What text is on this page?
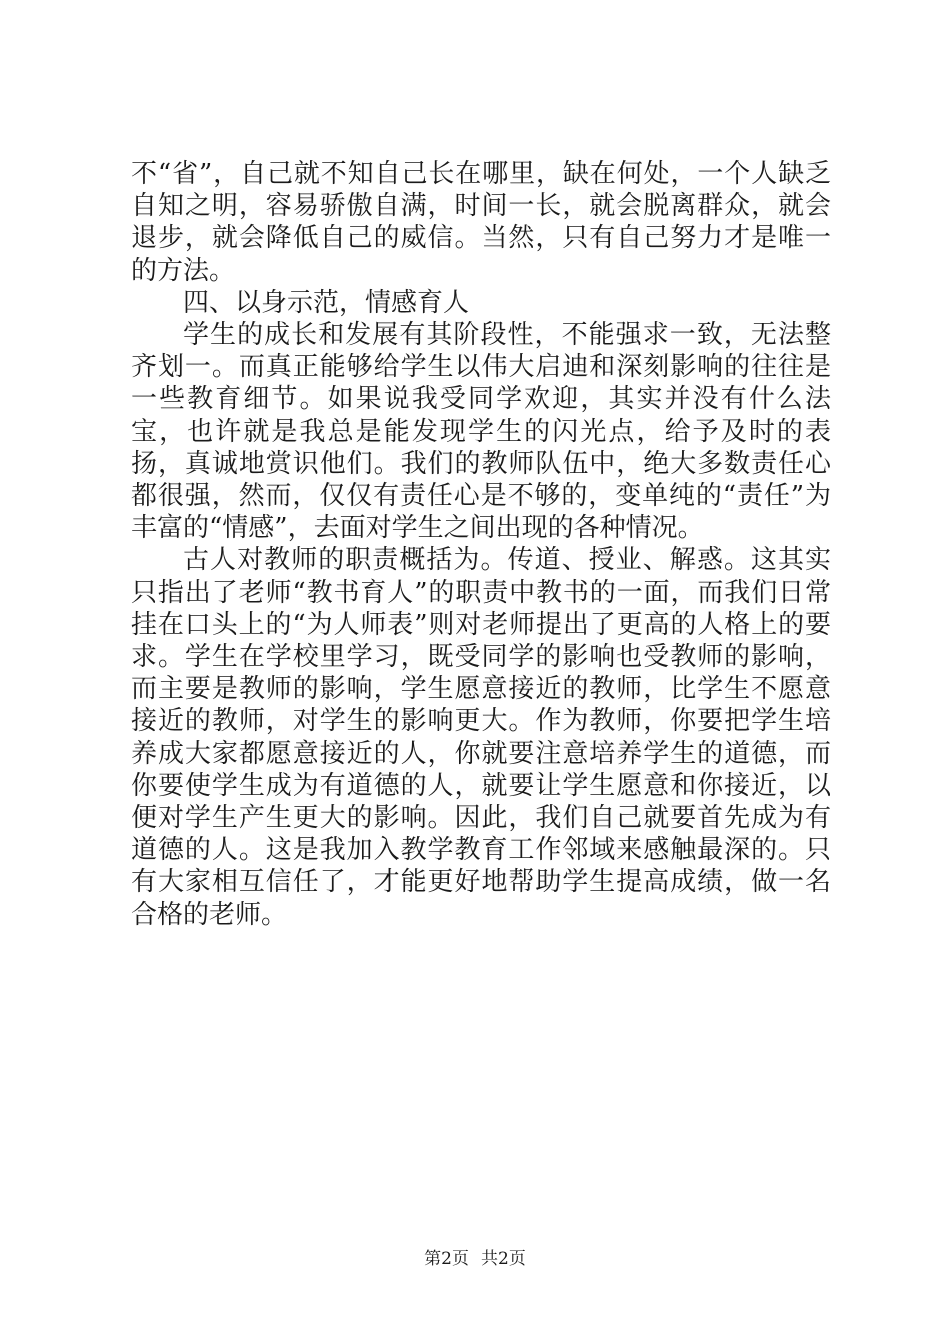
不“省”，自己就不知自己长在哪里，缺在何处，一个人缺乏自知之明，容易骄傲自满，时间一长，就会脱离群众，就会退步，就会降低自己的威信。当然，只有自己努力才是唯一的方法。

四、以身示范，情感育人

学生的成长和发展有其阶段性，不能强求一致，无法整齐划一。而真正能够给学生以伟大启迪和深刻影响的往往是一些教育细节。如果说我受同学欢迎，其实并没有什么法宝，也许就是我总是能发现学生的闪光点，给予及时的表扬，真诚地赏识他们。我们的教师队伍中，绝大多数责任心都很强，然而，仅仅有责任心是不够的，变单纯的“责任”为丰富的“情感”，去面对学生之间出现的各种情况。

古人对教师的职责概括为。传道、授业、解惑。这其实只指出了老师“教书育人”的职责中教书的一面，而我们日常挂在口头上的“为人师表”则对老师提出了更高的人格上的要求。学生在学校里学习，既受同学的影响也受教师的影响，而主要是教师的影响，学生愿意接近的教师，比学生不愿意接近的教师，对学生的影响更大。作为教师，你要把学生培养成大家都愿意接近的人，你就要注意培养学生的道德，而你要使学生成为有道德的人，就要让学生愿意和你接近，以便对学生产生更大的影响。因此，我们自己就要首先成为有道德的人。这是我加入教学教育工作邻域来感触最深的。只有大家相互信任了，才能更好地帮助学生提高成绩，做一名合格的老师。

第2页 共2页
